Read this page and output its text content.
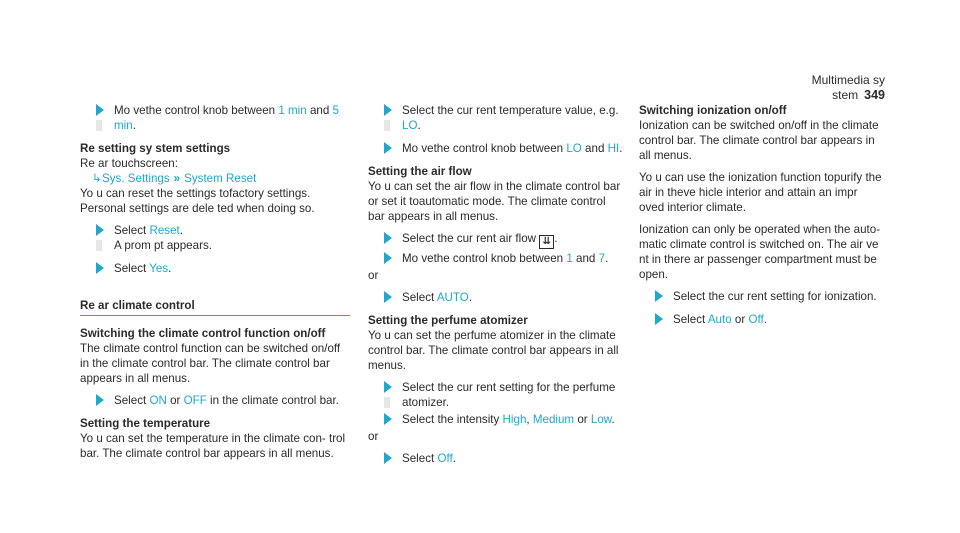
Multimedia sy stem 349
Mo vethe control knob between 1 min and 5 min.
Re setting sy stem settings
Re ar touchscreen:
↳Sys. Settings » System Reset

Yo u can reset the settings tofactory settings. Personal settings are dele ted when doing so.

Select Reset.
A prom pt appears.
Select Yes.
Re ar climate control
Switching the climate control function on/off

The climate control function can be switched on/off in the climate control bar. The climate control bar appears in all menus.

Select ON or OFF in the climate control bar.
Setting the temperature

Yo u can set the temperature in the climate con‐ trol bar. The climate control bar appears in all menus.

Select the cur rent temperature value, e.g. LO.
Mo vethe control knob between LO and HI.
Setting the air flow

Yo u can set the air flow in the climate control bar or set it toautomatic mode. The climate control bar appears in all menus.

Select the cur rent air flow ⇊ .
Mo vethe control knob between 1 and 7.
or
Select AUTO.
Setting the perfume atomizer

Yo u can set the perfume atomizer in the climate control bar. The climate control bar appears in all menus.

Select the cur rent setting for the perfume atomizer.
Select the intensity High, Medium or Low.
or
Select Off.
Switching ionization on/off

Ionization can be switched on/off in the climate control bar. The climate control bar appears in all menus.

Yo u can use the ionization function topurify the air in theve hicle interior and attain an impr oved interior climate.

Ionization can only be operated when the auto‐ matic climate control is switched on. The air ve nt in there ar passenger compartment must be open.

Select the cur rent setting for ionization.
Select Auto or Off.
